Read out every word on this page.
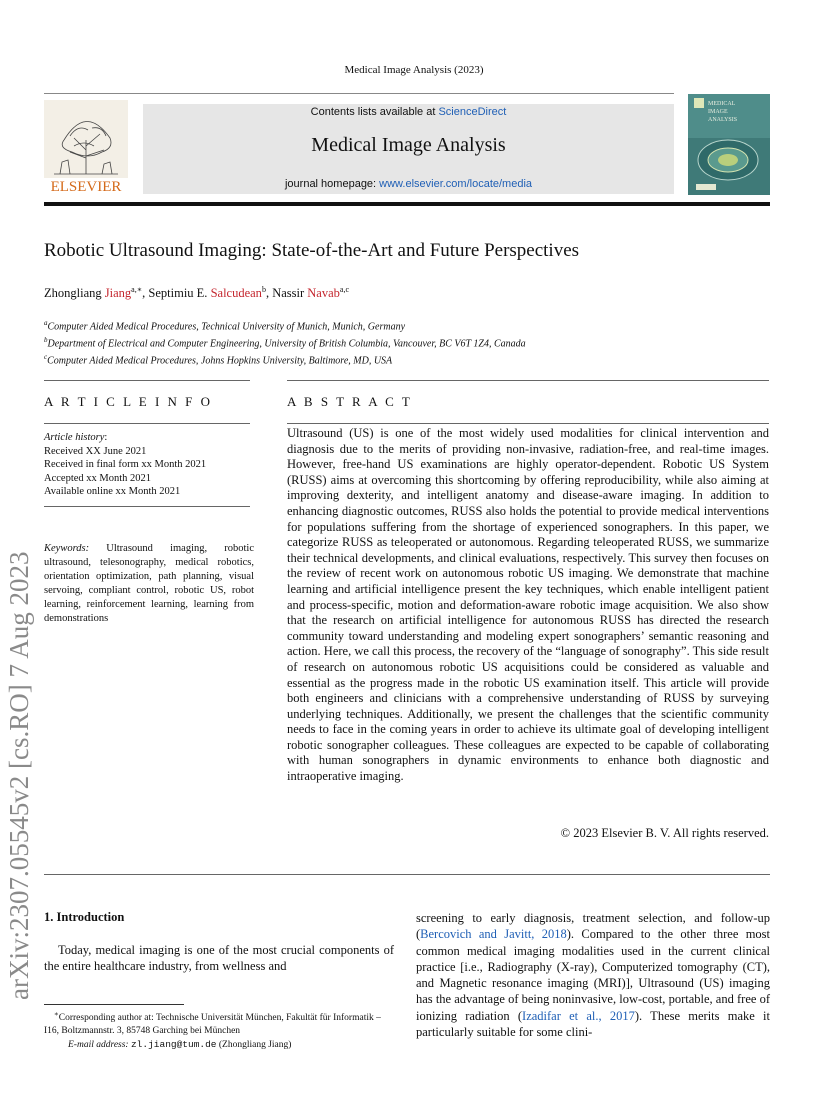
Medical Image Analysis (2023)
ELSEVIER
Contents lists available at ScienceDirect
Medical Image Analysis
journal homepage: www.elsevier.com/locate/media
MEDICAL
IMAGE
ANALYSIS
Robotic Ultrasound Imaging: State-of-the-Art and Future Perspectives
Zhongliang Jiang$^{a,∗}$, Septimiu E. Salcudean$^b$, Nassir Navab$^{a,c}$
$^a$Computer Aided Medical Procedures, Technical University of Munich, Munich, Germany
$^b$Department of Electrical and Computer Engineering, University of British Columbia, Vancouver, BC V6T 1Z4, Canada
$^c$Computer Aided Medical Procedures, Johns Hopkins University, Baltimore, MD, USA
A R T I C L E I N F O
Article history:
Received XX June 2021
Received in final form xx Month 2021
Accepted xx Month 2021
Available online xx Month 2021
Keywords: Ultrasound imaging, robotic ultrasound, telesonography, medical robotics, orientation optimization, path planning, visual servoing, compliant control, robotic US, robot learning, reinforcement learning, learning from demonstrations
A B S T R A C T
Ultrasound (US) is one of the most widely used modalities for clinical intervention and diagnosis due to the merits of providing non-invasive, radiation-free, and real-time images. However, free-hand US examinations are highly operator-dependent. Robotic US System (RUSS) aims at overcoming this shortcoming by offering reproducibility, while also aiming at improving dexterity, and intelligent anatomy and disease-aware imaging. In addition to enhancing diagnostic outcomes, RUSS also holds the potential to provide medical interventions for populations suffering from the shortage of experienced sonographers. In this paper, we categorize RUSS as teleoperated or autonomous. Regarding teleoperated RUSS, we summarize their technical developments, and clinical evaluations, respectively. This survey then focuses on the review of recent work on autonomous robotic US imaging. We demonstrate that machine learning and artificial intelligence present the key techniques, which enable intelligent patient and process-specific, motion and deformation-aware robotic image acquisition. We also show that the research on artificial intelligence for autonomous RUSS has directed the research community toward understanding and modeling expert sonographers’ semantic reasoning and action. Here, we call this process, the recovery of the “language of sonography”. This side result of research on autonomous robotic US acquisitions could be considered as valuable and essential as the progress made in the robotic US examination itself. This article will provide both engineers and clinicians with a comprehensive understanding of RUSS by surveying underlying techniques. Additionally, we present the challenges that the scientific community needs to face in the coming years in order to achieve its ultimate goal of developing intelligent robotic sonographer colleagues. These colleagues are expected to be capable of collaborating with human sonographers in dynamic environments to enhance both diagnostic and intraoperative imaging.
© 2023 Elsevier B. V. All rights reserved.
1. Introduction
Today, medical imaging is one of the most crucial components of the entire healthcare industry, from wellness and
screening to early diagnosis, treatment selection, and follow-up (Bercovich and Javitt, 2018). Compared to the other three most common medical imaging modalities used in the current clinical practice [i.e., Radiography (X-ray), Computerized tomography (CT), and Magnetic resonance imaging (MRI)], Ultrasound (US) imaging has the advantage of being noninvasive, low-cost, portable, and free of ionizing radiation (Izadifar et al., 2017). These merits make it particularly suitable for some clini-
∗Corresponding author at: Technische Universität München, Fakultät für Informatik – I16, Boltzmannstr. 3, 85748 Garching bei München
E-mail address: zl.jiang@tum.de (Zhongliang Jiang)
arXiv:2307.05545v2 [cs.RO] 7 Aug 2023
